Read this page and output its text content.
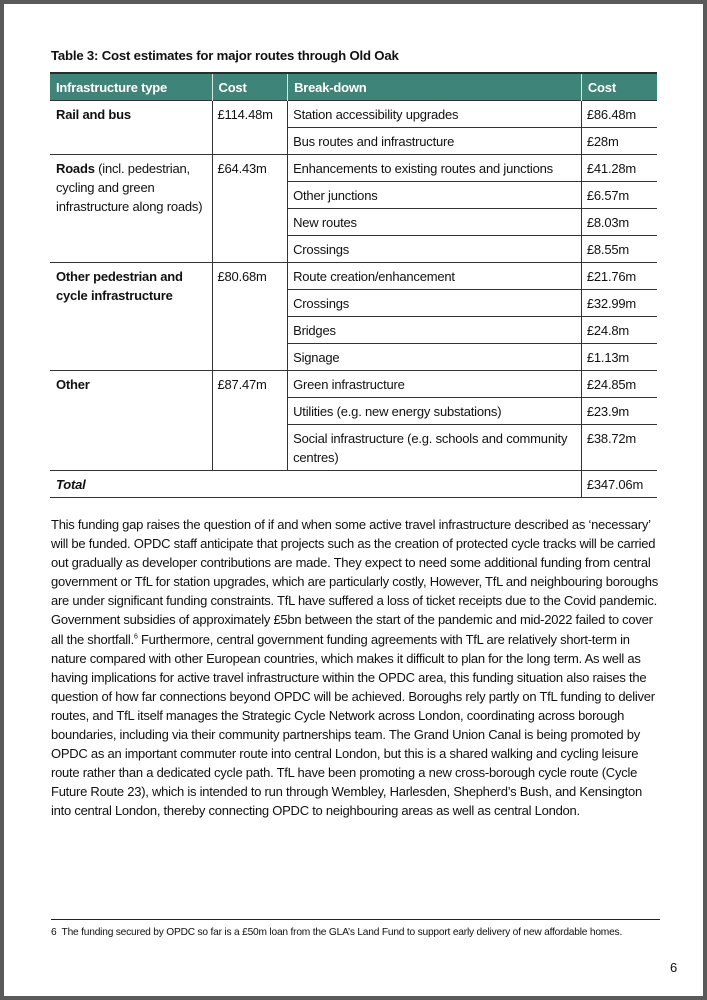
Table 3: Cost estimates for major routes through Old Oak
Infrastructure type	Cost	Break-down	Cost
Rail and bus	£114.48m	Station accessibility upgrades	£86.48m
		Bus routes and infrastructure	£28m
Roads (incl. pedestrian, cycling and green infrastructure along roads)	£64.43m	Enhancements to existing routes and junctions	£41.28m
		Other junctions	£6.57m
		New routes	£8.03m
		Crossings	£8.55m
Other pedestrian and cycle infrastructure	£80.68m	Route creation/enhancement	£21.76m
		Crossings	£32.99m
		Bridges	£24.8m
		Signage	£1.13m
Other	£87.47m	Green infrastructure	£24.85m
		Utilities (e.g. new energy substations)	£23.9m
		Social infrastructure (e.g. schools and community centres)	£38.72m
Total			£347.06m

This funding gap raises the question of if and when some active travel infrastructure described as ‘necessary’ will be funded. OPDC staff anticipate that projects such as the creation of protected cycle tracks will be carried out gradually as developer contributions are made. They expect to need some additional funding from central government or TfL for station upgrades, which are particularly costly, However, TfL and neighbouring boroughs are under significant funding constraints. TfL have suffered a loss of ticket receipts due to the Covid pandemic. Government subsidies of approximately £5bn between the start of the pandemic and mid-2022 failed to cover all the shortfall.$^6$ Furthermore, central government funding agreements with TfL are relatively short-term in nature compared with other European countries, which makes it difficult to plan for the long term. As well as having implications for active travel infrastructure within the OPDC area, this funding situation also raises the question of how far connections beyond OPDC will be achieved. Boroughs rely partly on TfL funding to deliver routes, and TfL itself manages the Strategic Cycle Network across London, coordinating across borough boundaries, including via their community partnerships team. The Grand Union Canal is being promoted by OPDC as an important commuter route into central London, but this is a shared walking and cycling leisure route rather than a dedicated cycle path. TfL have been promoting a new cross-borough cycle route (Cycle Future Route 23), which is intended to run through Wembley, Harlesden, Shepherd’s Bush, and Kensington into central London, thereby connecting OPDC to neighbouring areas as well as central London.

6 The funding secured by OPDC so far is a £50m loan from the GLA’s Land Fund to support early delivery of new affordable homes.

6
